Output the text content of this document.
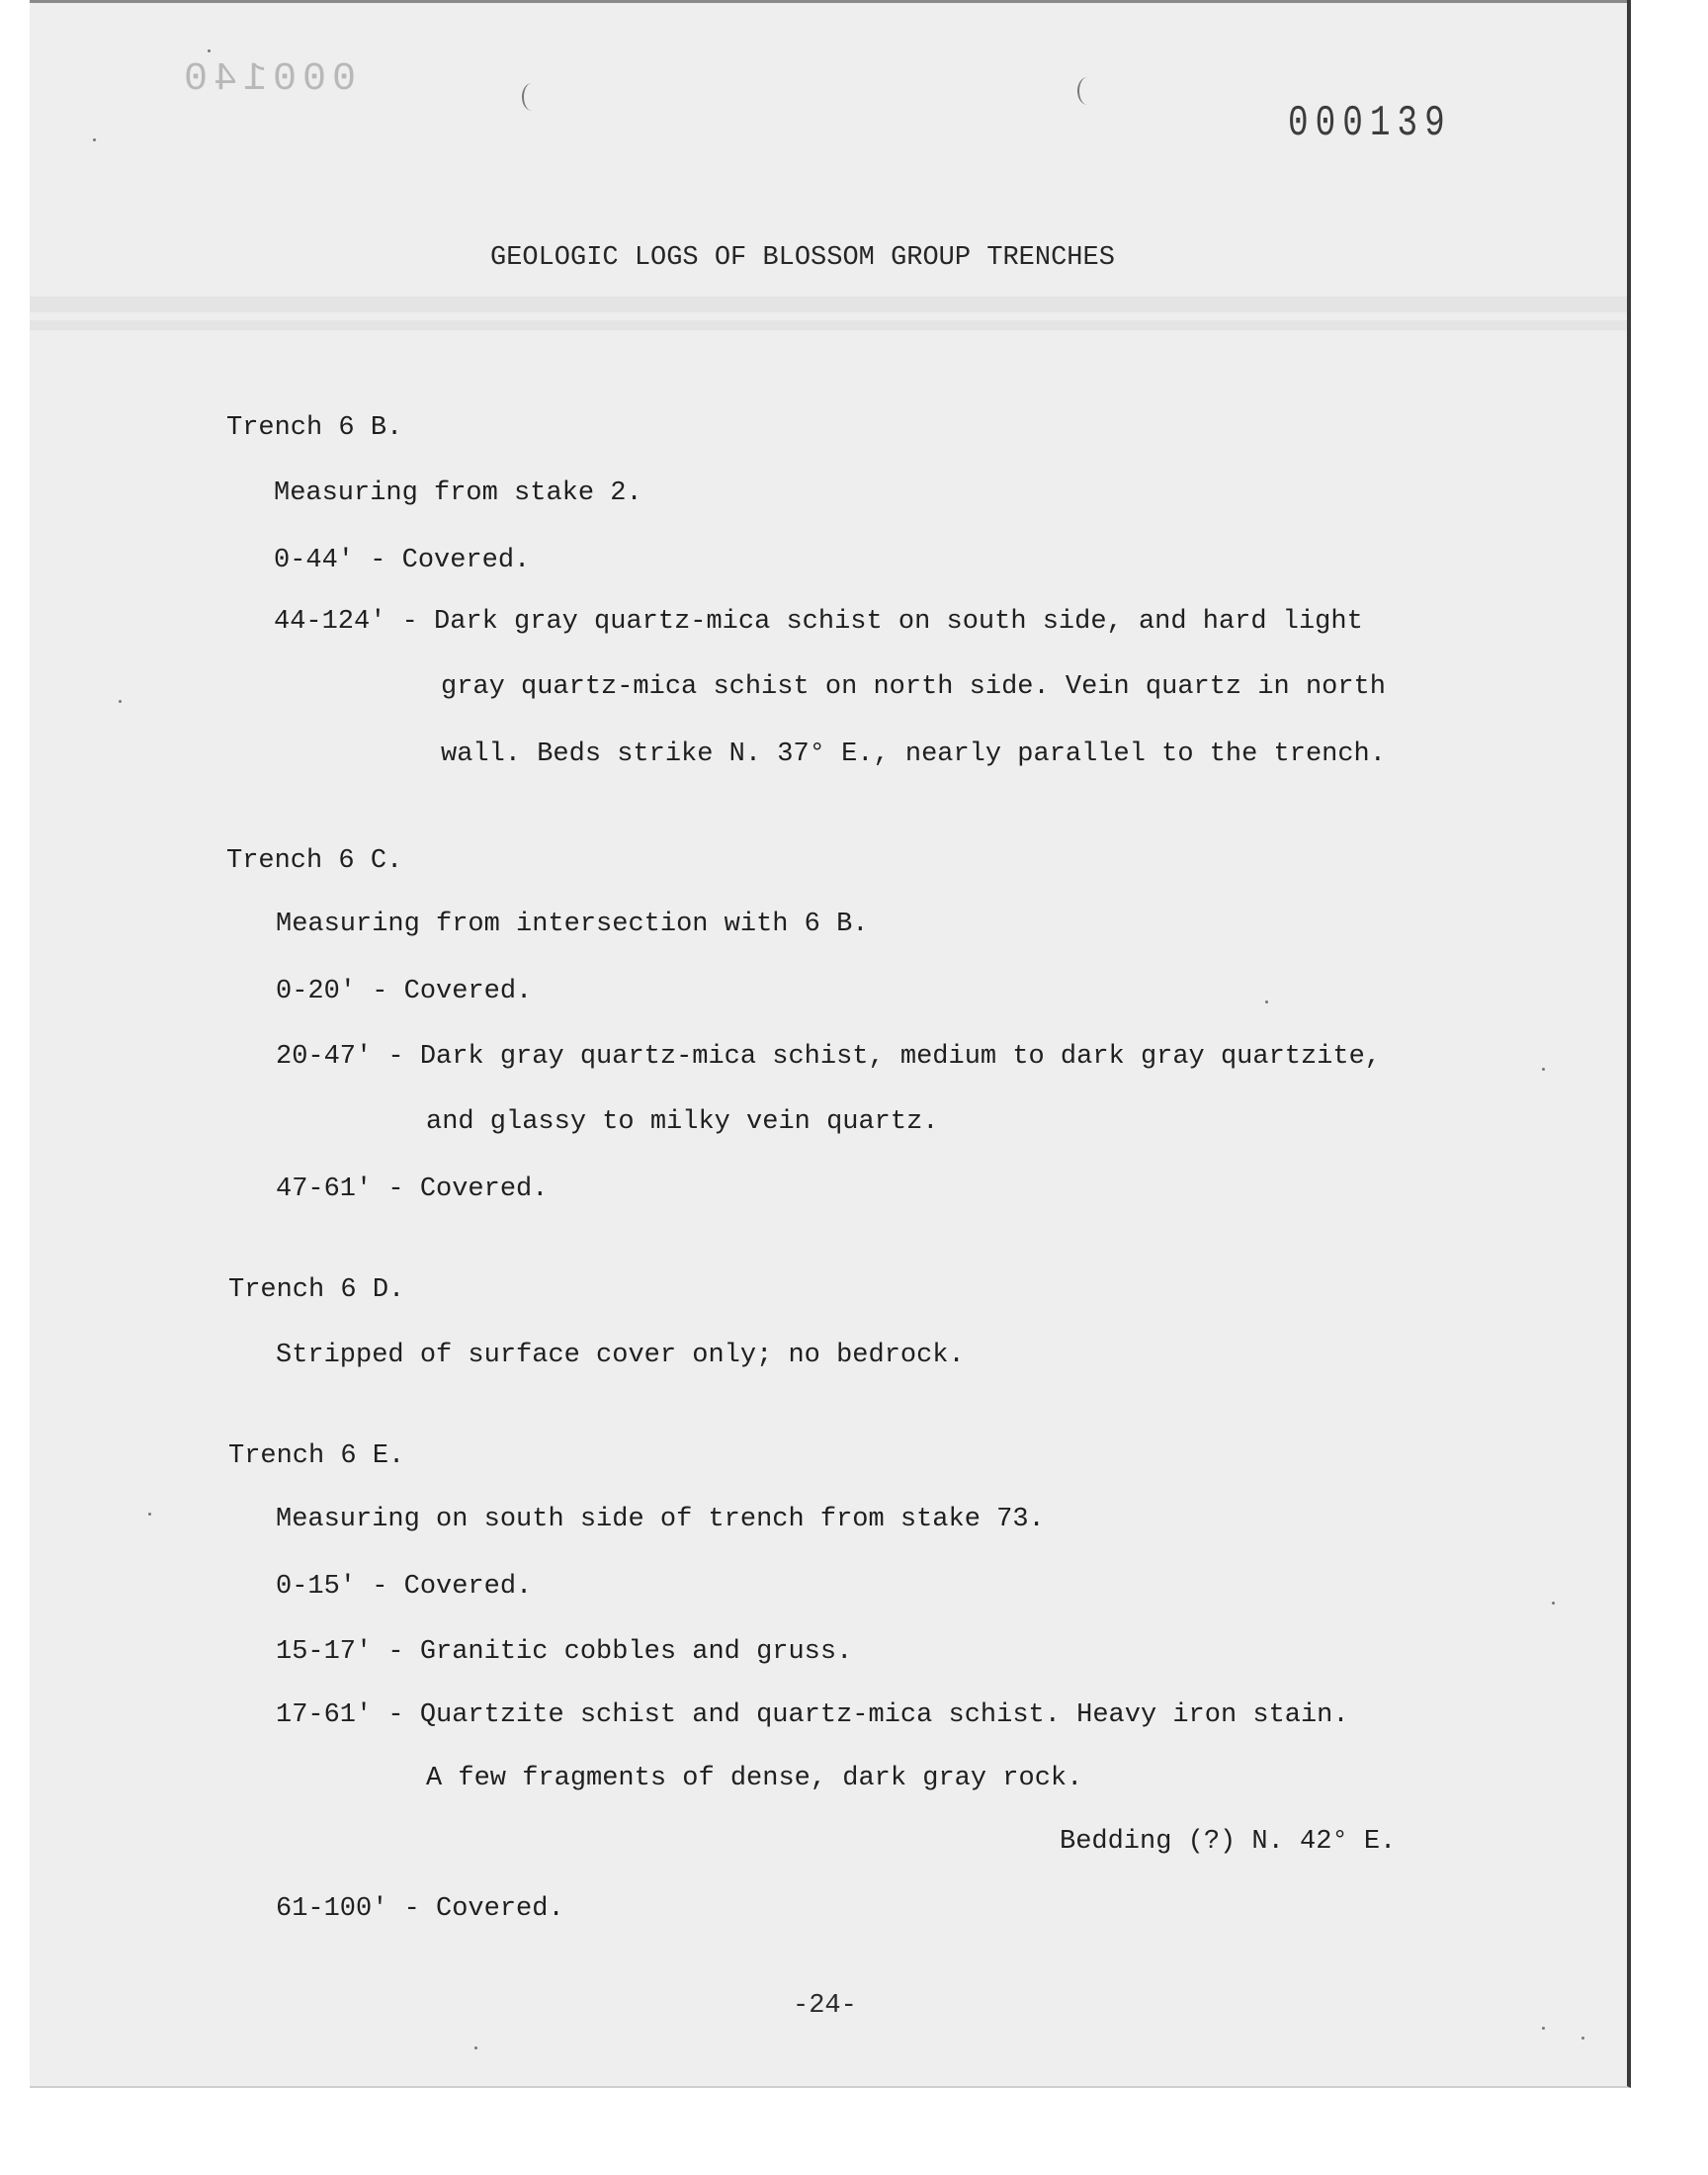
000140
000139
GEOLOGIC LOGS OF BLOSSOM GROUP TRENCHES
Trench 6 B.
Measuring from stake 2.
0-44' - Covered.
44-124' - Dark gray quartz-mica schist on south side, and hard light
gray quartz-mica schist on north side. Vein quartz in north
wall. Beds strike N. 37° E., nearly parallel to the trench.
Trench 6 C.
Measuring from intersection with 6 B.
0-20' - Covered.
20-47' - Dark gray quartz-mica schist, medium to dark gray quartzite,
and glassy to milky vein quartz.
47-61' - Covered.
Trench 6 D.
Stripped of surface cover only; no bedrock.
Trench 6 E.
Measuring on south side of trench from stake 73.
0-15' - Covered.
15-17' - Granitic cobbles and gruss.
17-61' - Quartzite schist and quartz-mica schist. Heavy iron stain.
A few fragments of dense, dark gray rock.
Bedding (?) N. 42° E.
61-100' - Covered.
-24-
